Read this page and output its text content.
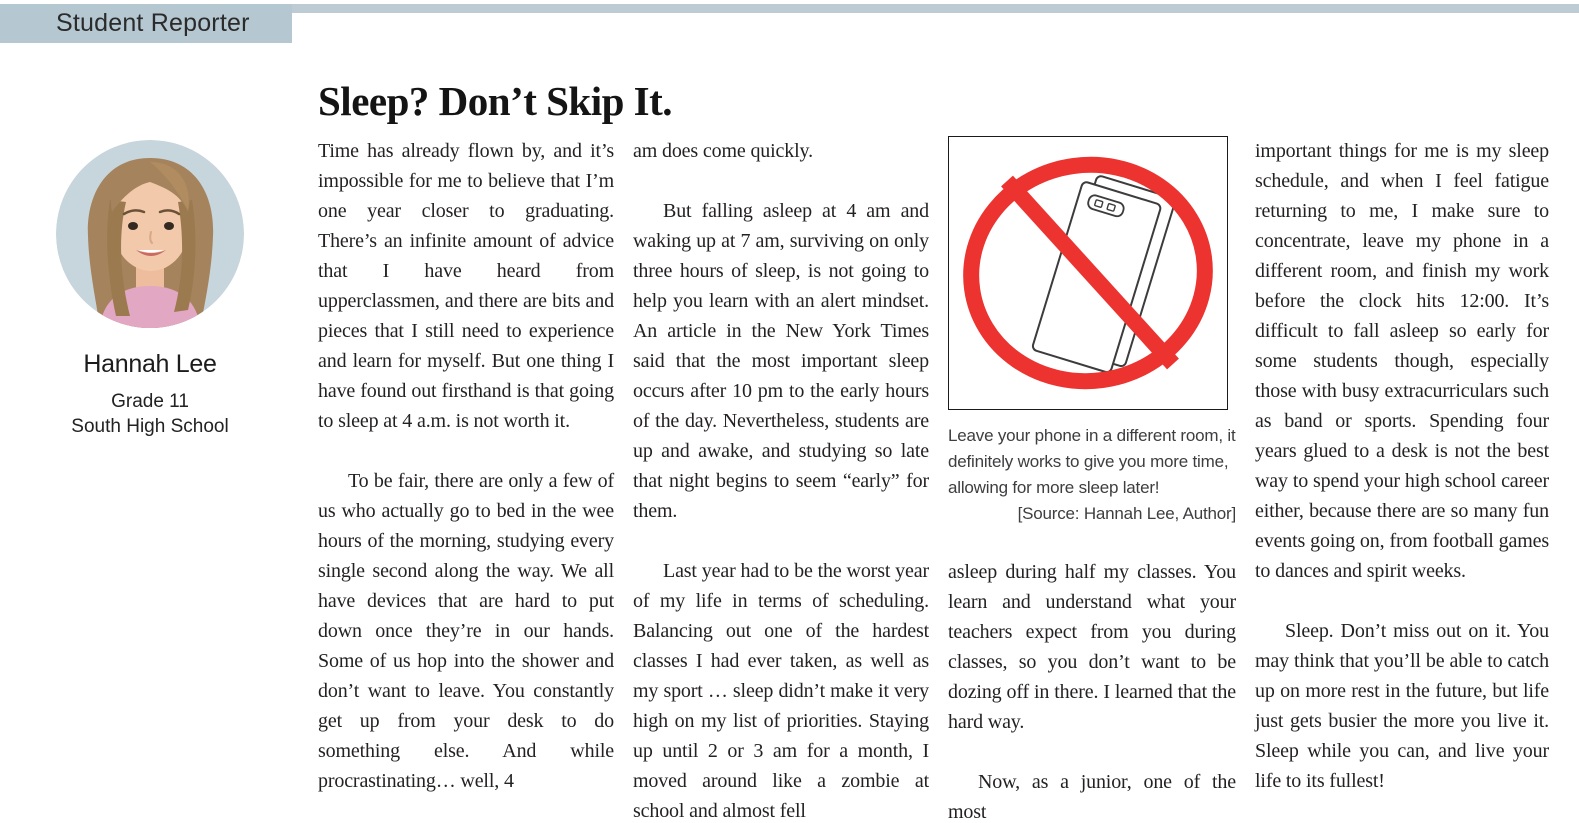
Student Reporter
Sleep? Don’t Skip It.
Hannah Lee
Grade 11
South High School

Time has already flown by, and it’s impossible for me to believe that I’m one year closer to graduating. There’s an infinite amount of advice that I have heard from upperclassmen, and there are bits and pieces that I still need to experience and learn for myself. But one thing I have found out firsthand is that going to sleep at 4 a.m. is not worth it.

To be fair, there are only a few of us who actually go to bed in the wee hours of the morning, studying every single second along the way. We all have devices that are hard to put down once they’re in our hands. Some of us hop into the shower and don’t want to leave. You constantly get up from your desk to do something else. And while procrastinating… well, 4

am does come quickly.

But falling asleep at 4 am and waking up at 7 am, surviving on only three hours of sleep, is not going to help you learn with an alert mindset. An article in the New York Times said that the most important sleep occurs after 10 pm to the early hours of the day. Nevertheless, students are up and awake, and studying so late that night begins to seem “early” for them.

Last year had to be the worst year of my life in terms of scheduling. Balancing out one of the hardest classes I had ever taken, as well as my sport … sleep didn’t make it very high on my list of priorities. Staying up until 2 or 3 am for a month, I moved around like a zombie at school and almost fell

Leave your phone in a different room, it definitely works to give you more time, allowing for more sleep later!
[Source: Hannah Lee, Author]

asleep during half my classes. You learn and understand what your teachers expect from you during classes, so you don’t want to be dozing off in there. I learned that the hard way.

Now, as a junior, one of the most

important things for me is my sleep schedule, and when I feel fatigue returning to me, I make sure to concentrate, leave my phone in a different room, and finish my work before the clock hits 12:00. It’s difficult to fall asleep so early for some students though, especially those with busy extracurriculars such as band or sports. Spending four years glued to a desk is not the best way to spend your high school career either, because there are so many fun events going on, from football games to dances and spirit weeks.

Sleep. Don’t miss out on it. You may think that you’ll be able to catch up on more rest in the future, but life just gets busier the more you live it. Sleep while you can, and live your life to its fullest!
